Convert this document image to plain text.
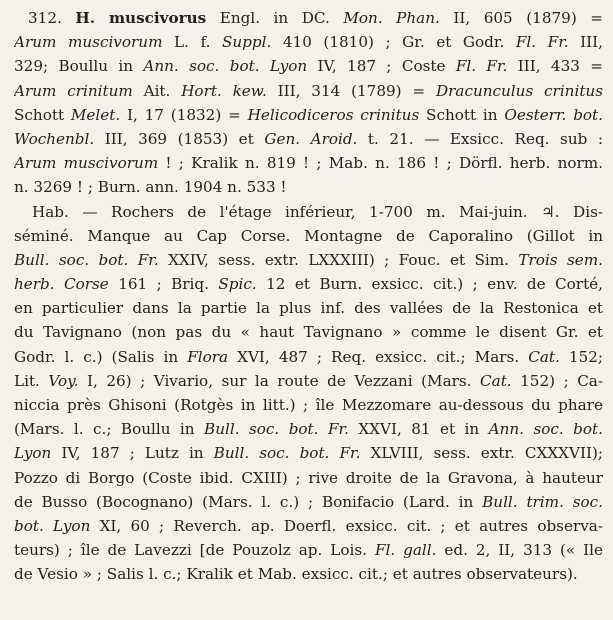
312. H. muscivorus Engl. in DC. Mon. Phan. II, 605 (1879) =
Arum muscivorum L. f. Suppl. 410 (1810) ; Gr. et Godr. Fl. Fr. III,
329; Boullu in Ann. soc. bot. Lyon IV, 187 ; Coste Fl. Fr. III, 433 =
Arum crinitum Ait. Hort. kew. III, 314 (1789) = Dracunculus crinitus
Schott Melet. I, 17 (1832) = Helicodiceros crinitus Schott in Oesterr. bot.
Wochenbl. III, 369 (1853) et Gen. Aroid. t. 21. — Exsicc. Req. sub :
Arum muscivorum ! ; Kralik n. 819 ! ; Mab. n. 186 ! ; Dörfl. herb. norm.
n. 3269 ! ; Burn. ann. 1904 n. 533 !
Hab. — Rochers de l'étage inférieur, 1-700 m. Mai-juin. ♃. Dis-
séminé. Manque au Cap Corse. Montagne de Caporalino (Gillot in
Bull. soc. bot. Fr. XXIV, sess. extr. LXXXIII) ; Fouc. et Sim. Trois sem.
herb. Corse 161 ; Briq. Spic. 12 et Burn. exsicc. cit.) ; env. de Corté,
en particulier dans la partie la plus inf. des vallées de la Restonica et
du Tavignano (non pas du « haut Tavignano » comme le disent Gr. et
Godr. l. c.) (Salis in Flora XVI, 487 ; Req. exsicc. cit.; Mars. Cat. 152;
Lit. Voy. I, 26) ; Vivario, sur la route de Vezzani (Mars. Cat. 152) ; Ca-
niccia près Ghisoni (Rotgès in litt.) ; île Mezzomare au-dessous du phare
(Mars. l. c.; Boullu in Bull. soc. bot. Fr. XXVI, 81 et in Ann. soc. bot.
Lyon IV, 187 ; Lutz in Bull. soc. bot. Fr. XLVIII, sess. extr. CXXXVII);
Pozzo di Borgo (Coste ibid. CXIII) ; rive droite de la Gravona, à hauteur
de Busso (Bocognano) (Mars. l. c.) ; Bonifacio (Lard. in Bull. trim. soc.
bot. Lyon XI, 60 ; Reverch. ap. Doerfl. exsicc. cit. ; et autres observa-
teurs) ; île de Lavezzi [de Pouzolz ap. Lois. Fl. gall. ed. 2, II, 313 (« Ile
de Vesio » ; Salis l. c.; Kralik et Mab. exsicc. cit.; et autres observateurs).
